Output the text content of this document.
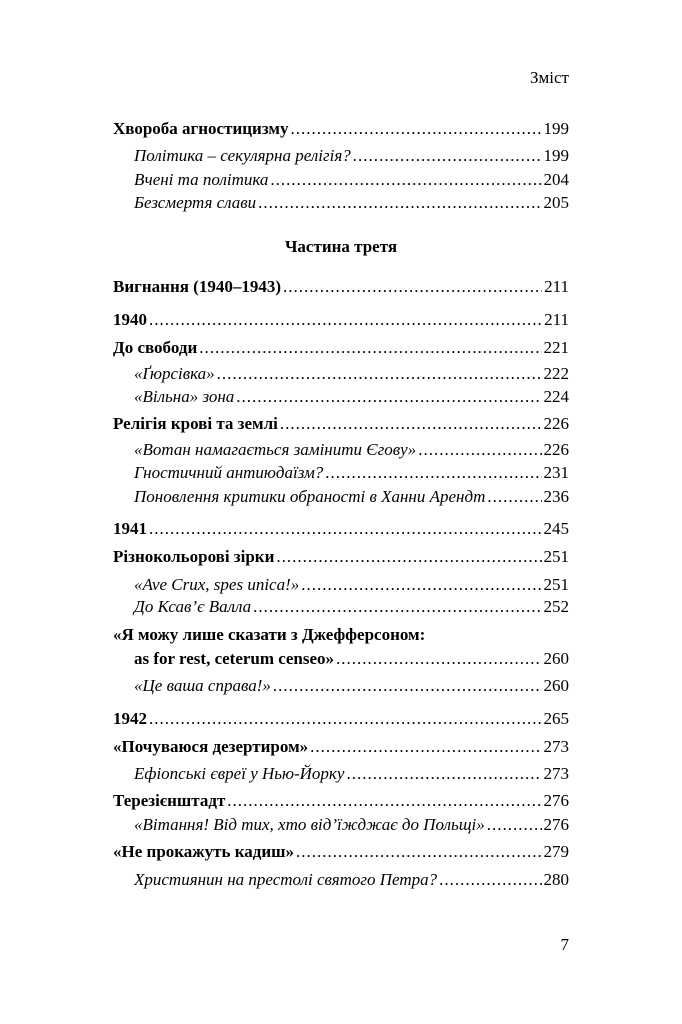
Зміст
Хвороба агностицизму .....	199
Політика – секулярна релігія? .....	199
Вчені та політика .....	204
Безсмертя слави .....	205
Вигнання (1940–1943) .....	211
1940 .....	211
До свободи .....	221
«Ґюрсівка» .....	222
«Вільна» зона .....	224
Релігія крові та землі .....	226
«Вотан намагається замінити Єгову» .....	226
Гностичний антиюдаїзм? .....	231
Поновлення критики обраності в Ханни Арендт .....	236
1941 .....	245
Різнокольорові зірки .....	251
«Ave Crux, spes unica!» .....	251
До Ксав’є Валла .....	252
«Я можу лише сказати з Джефферсоном:
as for rest, ceterum censeo» .....	260
«Це ваша справа!» .....	260
1942 .....	265
«Почуваюся дезертиром» .....	273
Ефіопські євреї у Нью-Йорку .....	273
Терезієнштадт .....	276
«Вітання! Від тих, хто від’їжджає до Польщі» .....	276
«Не прокажуть кадиш» .....	279
Християнин на престолі святого Петра? .....	280
Частина третя
7
